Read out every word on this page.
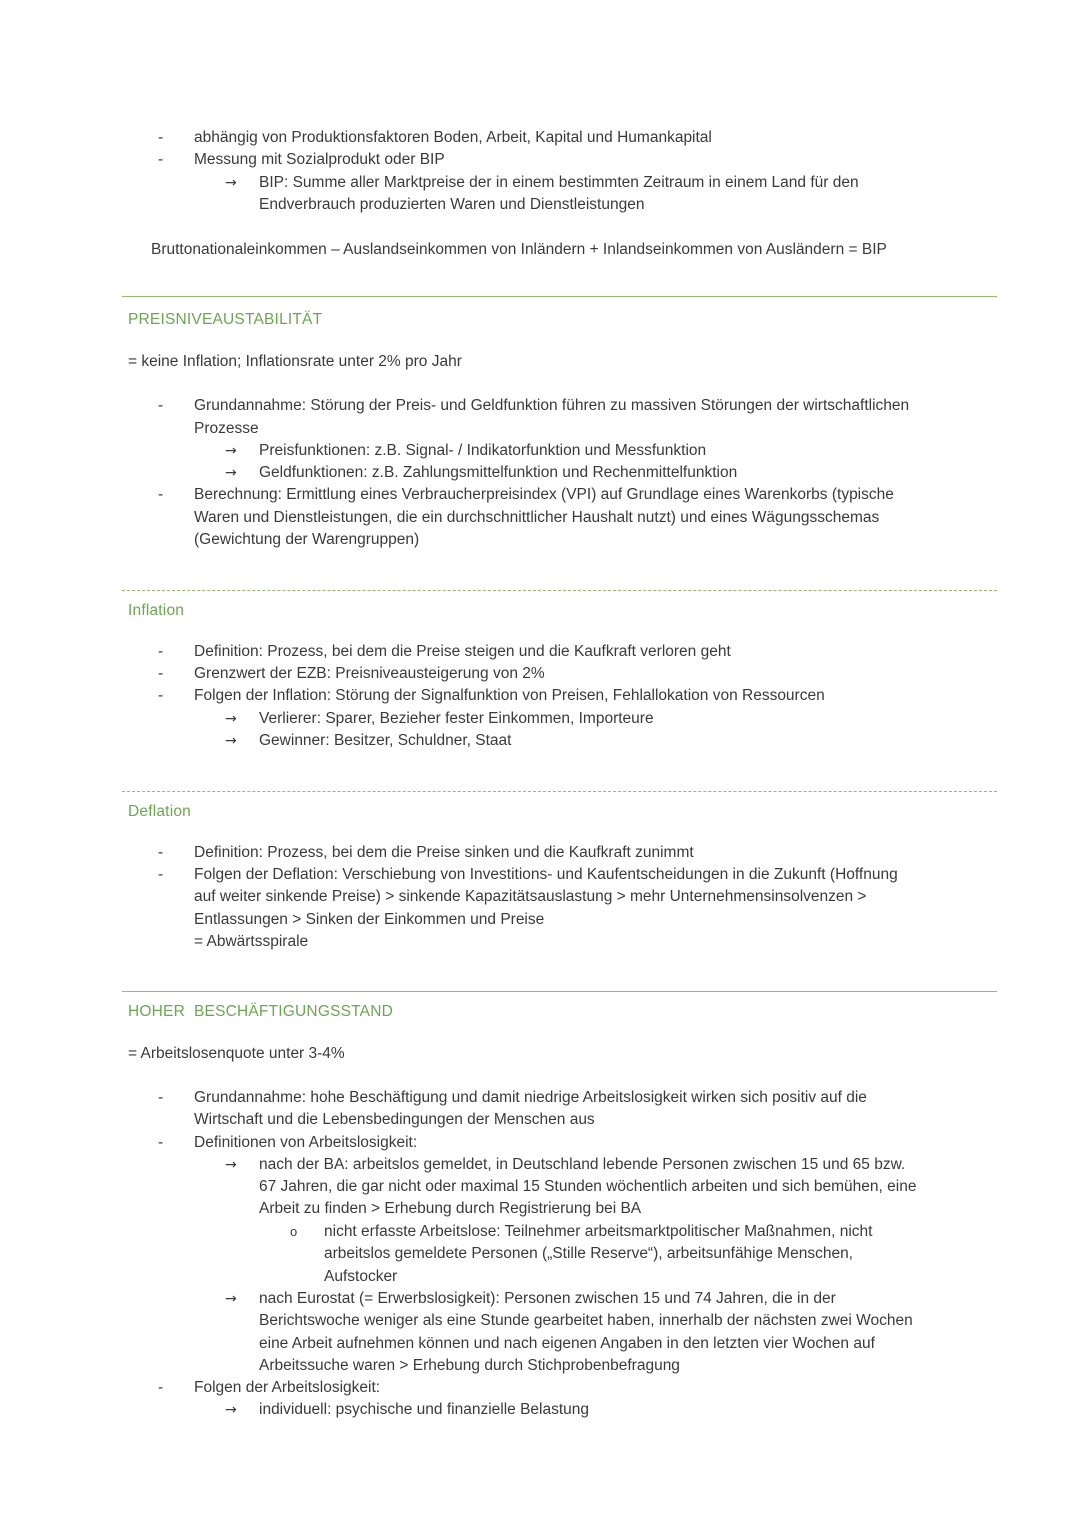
- abhängig von Produktionsfaktoren Boden, Arbeit, Kapital und Humankapital
- Messung mit Sozialprodukt oder BIP
→ BIP: Summe aller Marktpreise der in einem bestimmten Zeitraum in einem Land für den
Endverbrauch produzierten Waren und Dienstleistungen
Bruttonationaleinkommen – Auslandseinkommen von Inländern + Inlandseinkommen von Ausländern = BIP
PREISNIVEAUSTABILITÄT
= keine Inflation; Inflationsrate unter 2% pro Jahr
- Grundannahme: Störung der Preis- und Geldfunktion führen zu massiven Störungen der wirtschaftlichen
Prozesse
→ Preisfunktionen: z.B. Signal- / Indikatorfunktion und Messfunktion
→ Geldfunktionen: z.B. Zahlungsmittelfunktion und Rechenmittelfunktion
- Berechnung: Ermittlung eines Verbraucherpreisindex (VPI) auf Grundlage eines Warenkorbs (typische
Waren und Dienstleistungen, die ein durchschnittlicher Haushalt nutzt) und eines Wägungsschemas
(Gewichtung der Warengruppen)
Inflation
- Definition: Prozess, bei dem die Preise steigen und die Kaufkraft verloren geht
- Grenzwert der EZB: Preisniveausteigerung von 2%
- Folgen der Inflation: Störung der Signalfunktion von Preisen, Fehlallokation von Ressourcen
→ Verlierer: Sparer, Bezieher fester Einkommen, Importeure
→ Gewinner: Besitzer, Schuldner, Staat
Deflation
- Definition: Prozess, bei dem die Preise sinken und die Kaufkraft zunimmt
- Folgen der Deflation: Verschiebung von Investitions- und Kaufentscheidungen in die Zukunft (Hoffnung
auf weiter sinkende Preise) > sinkende Kapazitätsauslastung > mehr Unternehmensinsolvenzen >
Entlassungen > Sinken der Einkommen und Preise
= Abwärtsspirale
HOHER  BESCHÄFTIGUNGSSTAND
= Arbeitslosenquote unter 3-4%
- Grundannahme: hohe Beschäftigung und damit niedrige Arbeitslosigkeit wirken sich positiv auf die
Wirtschaft und die Lebensbedingungen der Menschen aus
- Definitionen von Arbeitslosigkeit:
→ nach der BA: arbeitslos gemeldet, in Deutschland lebende Personen zwischen 15 und 65 bzw.
67 Jahren, die gar nicht oder maximal 15 Stunden wöchentlich arbeiten und sich bemühen, eine
Arbeit zu finden > Erhebung durch Registrierung bei BA
o nicht erfasste Arbeitslose: Teilnehmer arbeitsmarktpolitischer Maßnahmen, nicht
arbeitslos gemeldete Personen („Stille Reserve“), arbeitsunfähige Menschen,
Aufstocker
→ nach Eurostat (= Erwerbslosigkeit): Personen zwischen 15 und 74 Jahren, die in der
Berichtswoche weniger als eine Stunde gearbeitet haben, innerhalb der nächsten zwei Wochen
eine Arbeit aufnehmen können und nach eigenen Angaben in den letzten vier Wochen auf
Arbeitssuche waren > Erhebung durch Stichprobenbefragung
- Folgen der Arbeitslosigkeit:
→ individuell: psychische und finanzielle Belastung
